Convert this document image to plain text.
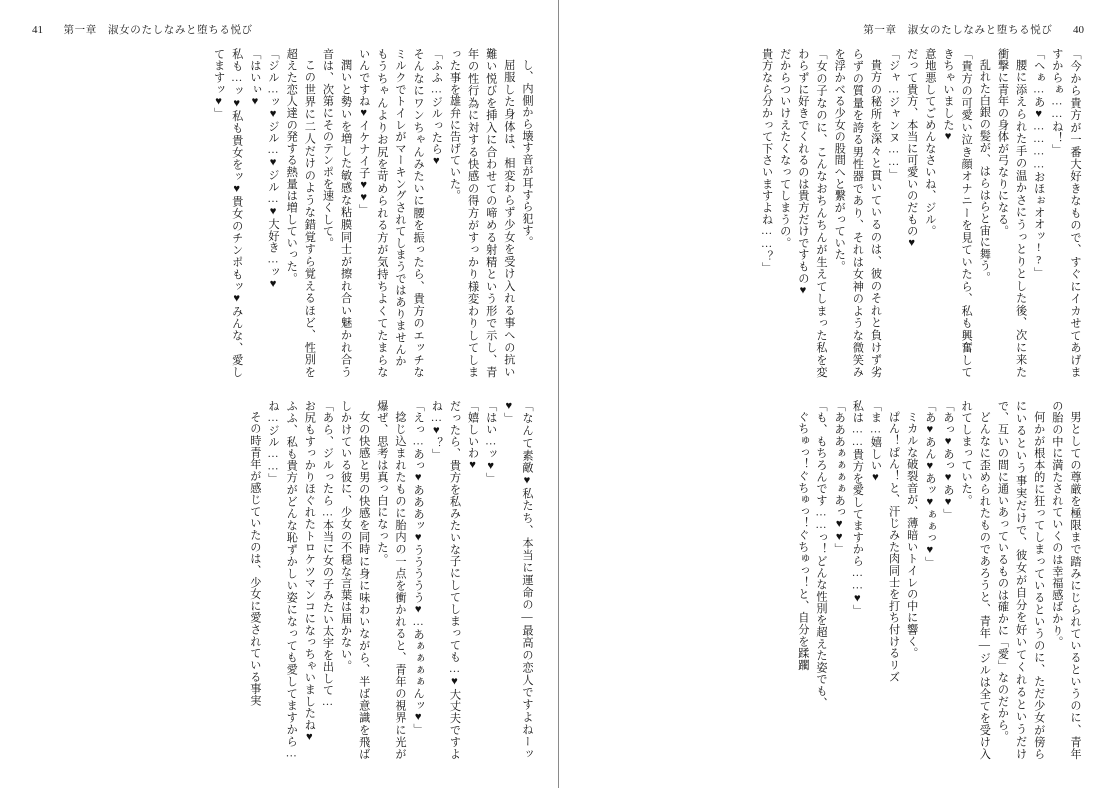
41 第一章　淑女のたしなみと堕ちる悦び
し、内側から壊す音が耳すら犯す。
屈服した身体は、相変わらず少女を受け入れる事への抗い難い悦びを挿入に合わせての啼める射精という形で示し、青年の性行為に対する快感の得方がすっかり様変わりしてしまった事を雄弁に告げていた。
「ふふ…ジルったら♥
そんなにワンちゃんみたいに腰を振ったら、貴方のエッチなミルクでトイレがマーキングされてしまうではありませんか
もうちゃんよりお尻を苛められる方が気持ちよくてたまらないんですね♥イケナイ子♥♥」
潤いと勢いを増した敏感な粘膜同士が擦れ合い魅かれ合う音は、次第にそのテンポを速くして。
この世界に二人だけのような錯覚すら覚えるほど、性別を超えた恋人達の発する熱量は増していった。
「ジル…ッ♥ジル…♥ジル…♥大好き…ッ♥
「はいぃ♥
私も…ッ♥私も貴女をッ♥貴女のチンポもッ♥みんな、愛してますッ♥」
「なんて素敵♥私たち、本当に運命の―最高の恋人ですよねーッ♥」
「はい…ッ♥」
「嬉しいわ♥
だったら、貴方を私みたいな子にしてしまっても…♥大丈夫ですよね…♥？」
「えっ…あっ♥あああッ♥ううううう♥…あぁぁぁぁんッ♥」
捻じ込まれたものに胎内の一点を衝かれると、青年の視界に光が爆ぜ、思考は真っ白になった。
女の快感と男の快感を同時に身に味わいながら、半ば意識を飛ばしかけている彼に、少女の不穏な言葉は届かない。
「あら、ジルったら…本当に女の子みたい太宇を出して…
お尻もすっかりほぐれたトロケツマンコになっちゃいましたね♥
ふふ、私も貴方がどんな恥ずかしい姿になっても愛してますから…ね…ジル……」
その時青年が感じていたのは、少女に愛されている事実
第一章　淑女のたしなみと堕ちる悦び 40
「今から貴方が一番大好きなもので、すぐにイカせてあげますからぁ……ね！」
「へぁ…あ♥…………おほぉオオッ!?」
腰に添えられた手の温かさにうっとりとした後、次に来た衝撃に青年の身体が弓なりになる。
乱れた白銀の髪が、はらはらと宙に舞う。
「貴方の可愛い泣き顔オナニーを見ていたら、私も興奮してきちゃいました♥
意地悪してごめんなさいね、ジル。
だって貴方、本当に可愛いのだもの♥
「ジャ…ジャンヌ……」
貴方の秘所を深々と貫いているのは、彼のそれと負けず劣らずの質量を誇る男性器であり、それは女神のような微笑みを浮かべる少女の股間へと繋がっていた。
「女の子なのに、こんなおちんちんが生えてしまった私を変わらずに好きでくれるのは貴方だけですもの♥
だからついけえたくなってしまうの。
貴方なら分かって下さいますよね……？」
男としての尊厳を極限まで踏みにじられているというのに、青年の胎の中に満たされていくのは幸福感ばかり。
何かが根本的に狂ってしまっているというのに、ただ少女が傍らにいるという事実だけで、彼女が自分を好いてくれるというだけで、互いの間に通いあっているものは確かに「愛」なのだから。
どんなに歪められたものであろうと、青年―ジルは全てを受け入れてしまっていた。
「あっ♥あっ♥あ♥」
「あ♥あん♥あッ♥ぁぁっ♥」
ミカルな破裂音が、薄暗いトイレの中に響く。
ぱん！ぱん！と、汗じみた肉同士を打ち付けるリズ
「ま…嬉しい♥
私は……貴方を愛してますから……♥」
「あああぁぁぁぁあっ♥♥」
「も、もちろんです……っ！どんな性別を超えた姿でも、
ぐちゅっ！ぐちゅっ！ぐちゅっ！と、自分を蹂躙
